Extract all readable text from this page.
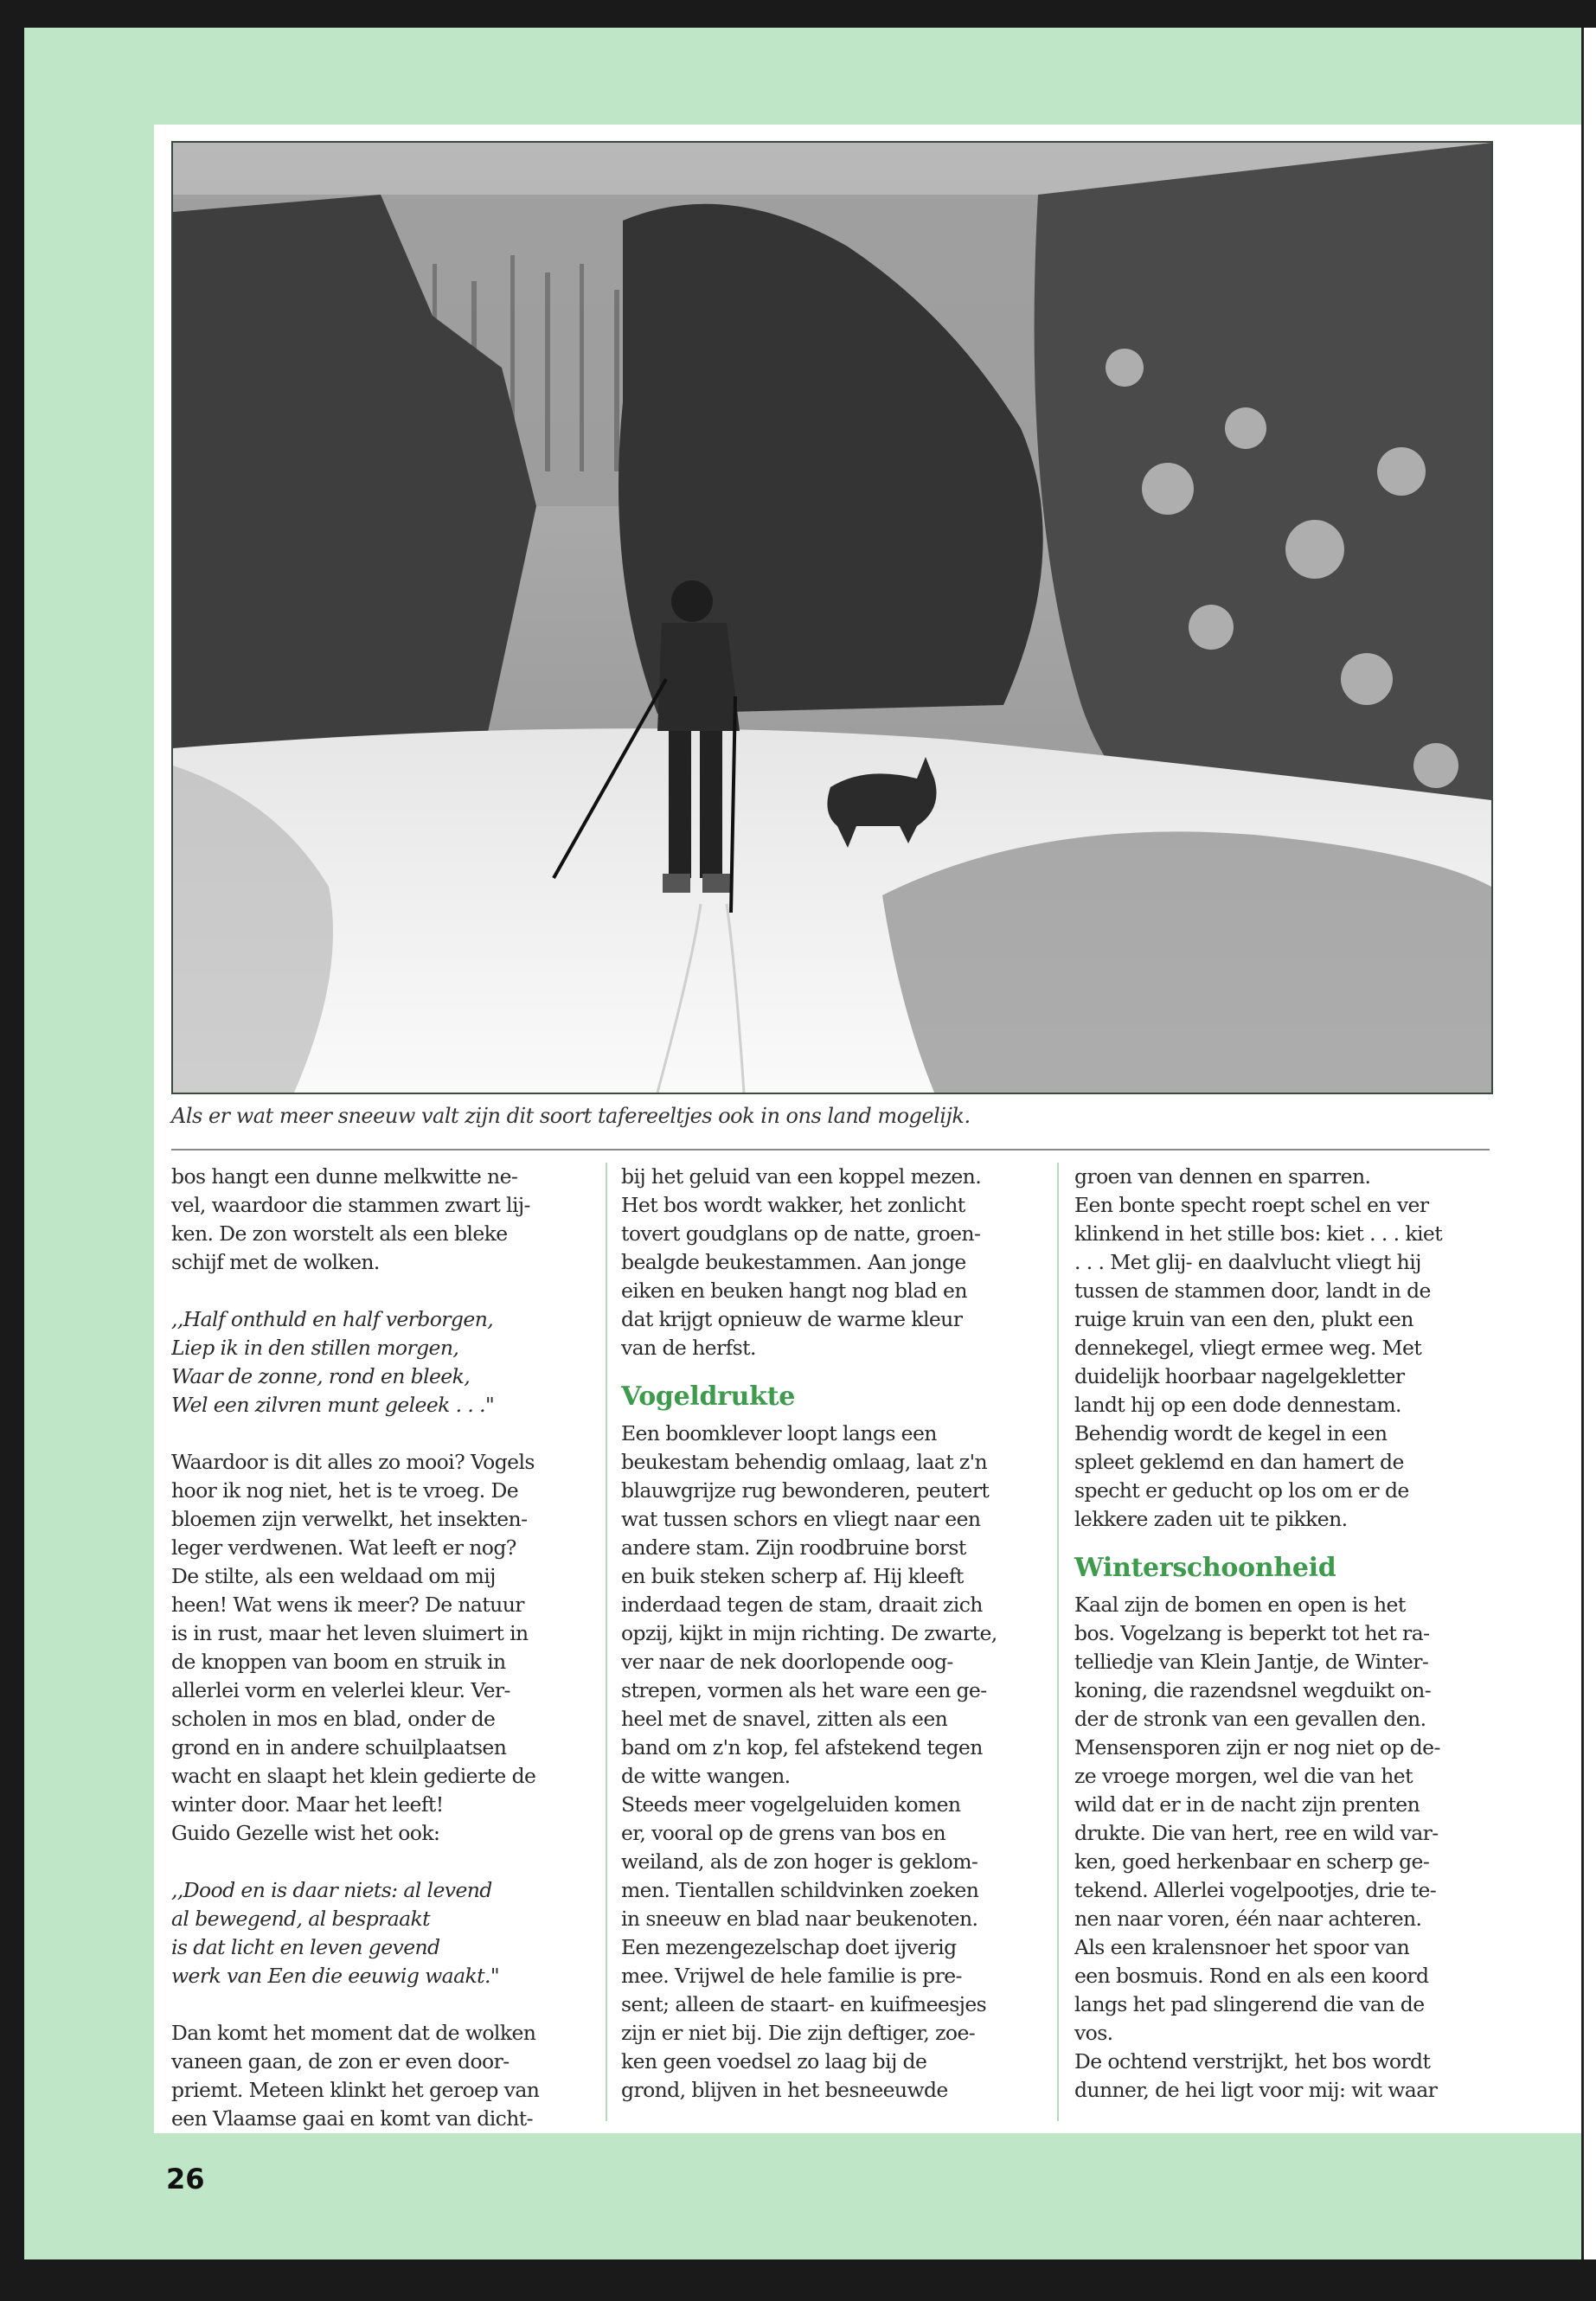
Als er wat meer sneeuw valt zijn dit soort tafereeltjes ook in ons land mogelijk.
bos hangt een dunne melkwitte ne-
vel, waardoor die stammen zwart lij-
ken. De zon worstelt als een bleke
schijf met de wolken.
,,Half onthuld en half verborgen,
Liep ik in den stillen morgen,
Waar de zonne, rond en bleek,
Wel een zilvren munt geleek . . ."
Waardoor is dit alles zo mooi? Vogels
hoor ik nog niet, het is te vroeg. De
bloemen zijn verwelkt, het insekten-
leger verdwenen. Wat leeft er nog?
De stilte, als een weldaad om mij
heen! Wat wens ik meer? De natuur
is in rust, maar het leven sluimert in
de knoppen van boom en struik in
allerlei vorm en velerlei kleur. Ver-
scholen in mos en blad, onder de
grond en in andere schuilplaatsen
wacht en slaapt het klein gedierte de
winter door. Maar het leeft!
Guido Gezelle wist het ook:
,,Dood en is daar niets: al levend
al bewegend, al bespraakt
is dat licht en leven gevend
werk van Een die eeuwig waakt."
Dan komt het moment dat de wolken
vaneen gaan, de zon er even door-
priemt. Meteen klinkt het geroep van
een Vlaamse gaai en komt van dicht-
bij het geluid van een koppel mezen.
Het bos wordt wakker, het zonlicht
tovert goudglans op de natte, groen-
bealgde beukestammen. Aan jonge
eiken en beuken hangt nog blad en
dat krijgt opnieuw de warme kleur
van de herfst.
Vogeldrukte
Een boomklever loopt langs een
beukestam behendig omlaag, laat z'n
blauwgrijze rug bewonderen, peutert
wat tussen schors en vliegt naar een
andere stam. Zijn roodbruine borst
en buik steken scherp af. Hij kleeft
inderdaad tegen de stam, draait zich
opzij, kijkt in mijn richting. De zwarte,
ver naar de nek doorlopende oog-
strepen, vormen als het ware een ge-
heel met de snavel, zitten als een
band om z'n kop, fel afstekend tegen
de witte wangen.
Steeds meer vogelgeluiden komen
er, vooral op de grens van bos en
weiland, als de zon hoger is geklom-
men. Tientallen schildvinken zoeken
in sneeuw en blad naar beukenoten.
Een mezengezelschap doet ijverig
mee. Vrijwel de hele familie is pre-
sent; alleen de staart- en kuifmeesjes
zijn er niet bij. Die zijn deftiger, zoe-
ken geen voedsel zo laag bij de
grond, blijven in het besneeuwde
groen van dennen en sparren.
Een bonte specht roept schel en ver
klinkend in het stille bos: kiet . . . kiet
. . . Met glij- en daalvlucht vliegt hij
tussen de stammen door, landt in de
ruige kruin van een den, plukt een
dennekegel, vliegt ermee weg. Met
duidelijk hoorbaar nagelgekletter
landt hij op een dode dennestam.
Behendig wordt de kegel in een
spleet geklemd en dan hamert de
specht er geducht op los om er de
lekkere zaden uit te pikken.
Winterschoonheid
Kaal zijn de bomen en open is het
bos. Vogelzang is beperkt tot het ra-
telliedje van Klein Jantje, de Winter-
koning, die razendsnel wegduikt on-
der de stronk van een gevallen den.
Mensensporen zijn er nog niet op de-
ze vroege morgen, wel die van het
wild dat er in de nacht zijn prenten
drukte. Die van hert, ree en wild var-
ken, goed herkenbaar en scherp ge-
tekend. Allerlei vogelpootjes, drie te-
nen naar voren, één naar achteren.
Als een kralensnoer het spoor van
een bosmuis. Rond en als een koord
langs het pad slingerend die van de
vos.
De ochtend verstrijkt, het bos wordt
dunner, de hei ligt voor mij: wit waar
26
